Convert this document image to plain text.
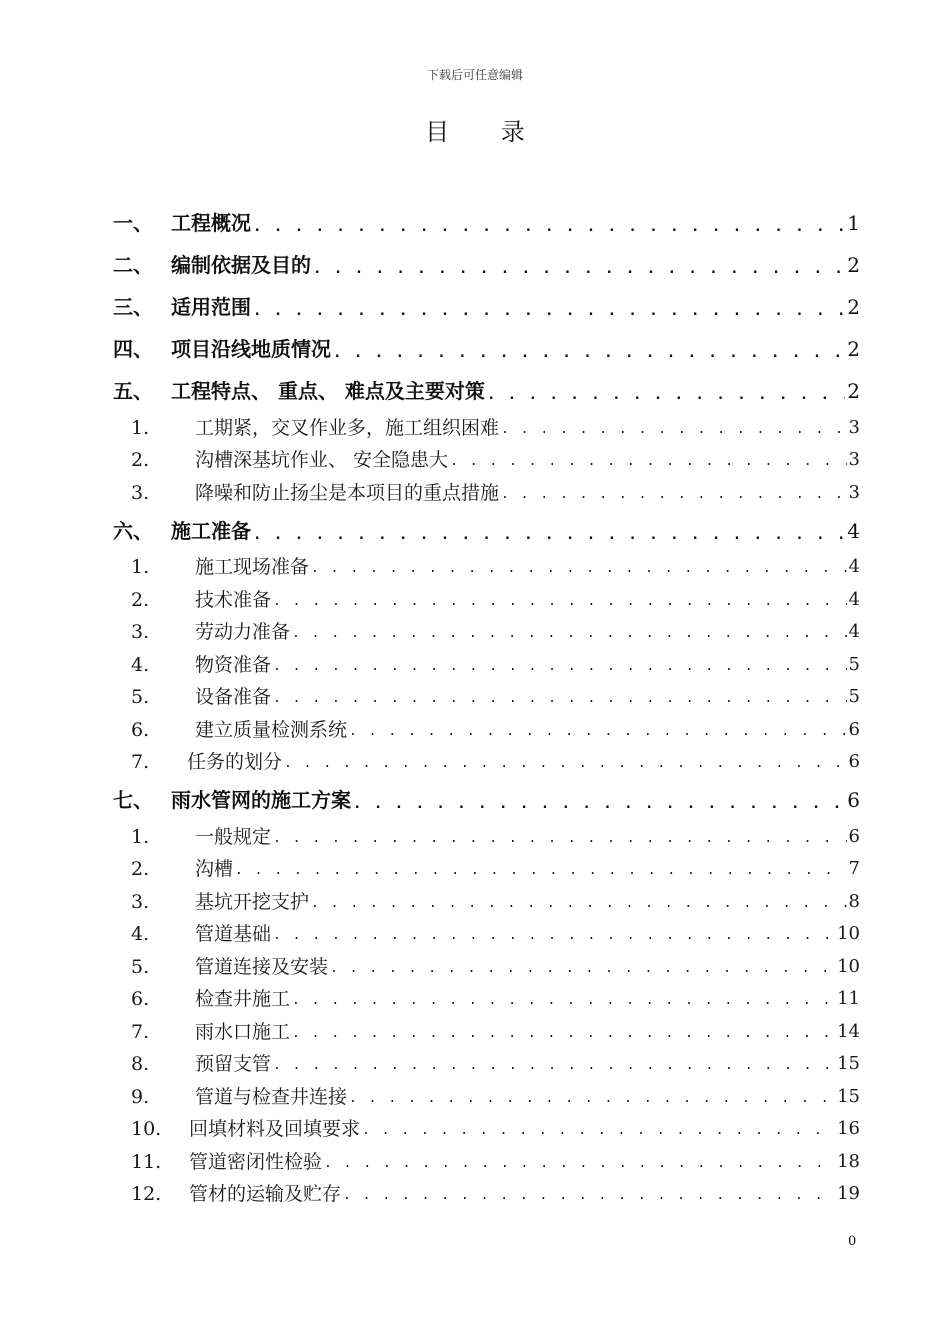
下载后可任意编辑
目 录
一、 工程概况 . . .	1
二、 编制依据及目的 . . .	2
三、 适用范围 . . .	2
四、 项目沿线地质情况 . . .	2
五、 工程特点、 重点、 难点及主要对策 . . .	2
1.	工期紧，交叉作业多，施工组织困难 . . .	3
2.	沟槽深基坑作业、 安全隐患大 . . .	3
3.	降噪和防止扬尘是本项目的重点措施 . . .	3
六、 施工准备 . . .	4
1.	施工现场准备 . . .	4
2.	技术准备 . . .	4
3.	劳动力准备 . . .	4
4.	物资准备 . . .	5
5.	设备准备 . . .	5
6.	建立质量检测系统 . . .	6
7.	任务的划分 . . .	6
七、 雨水管网的施工方案 . . .	6
1.	一般规定 . . .	6
2.	沟槽 . . .	7
3.	基坑开挖支护 . . .	8
4.	管道基础 . . .	10
5.	管道连接及安装 . . .	10
6.	检查井施工 . . .	11
7.	雨水口施工 . . .	14
8.	预留支管 . . .	15
9.	管道与检查井连接 . . .	15
10.	回填材料及回填要求 . . .	16
11.	管道密闭性检验 . . .	18
12.	管材的运输及贮存 . . .	19
0
